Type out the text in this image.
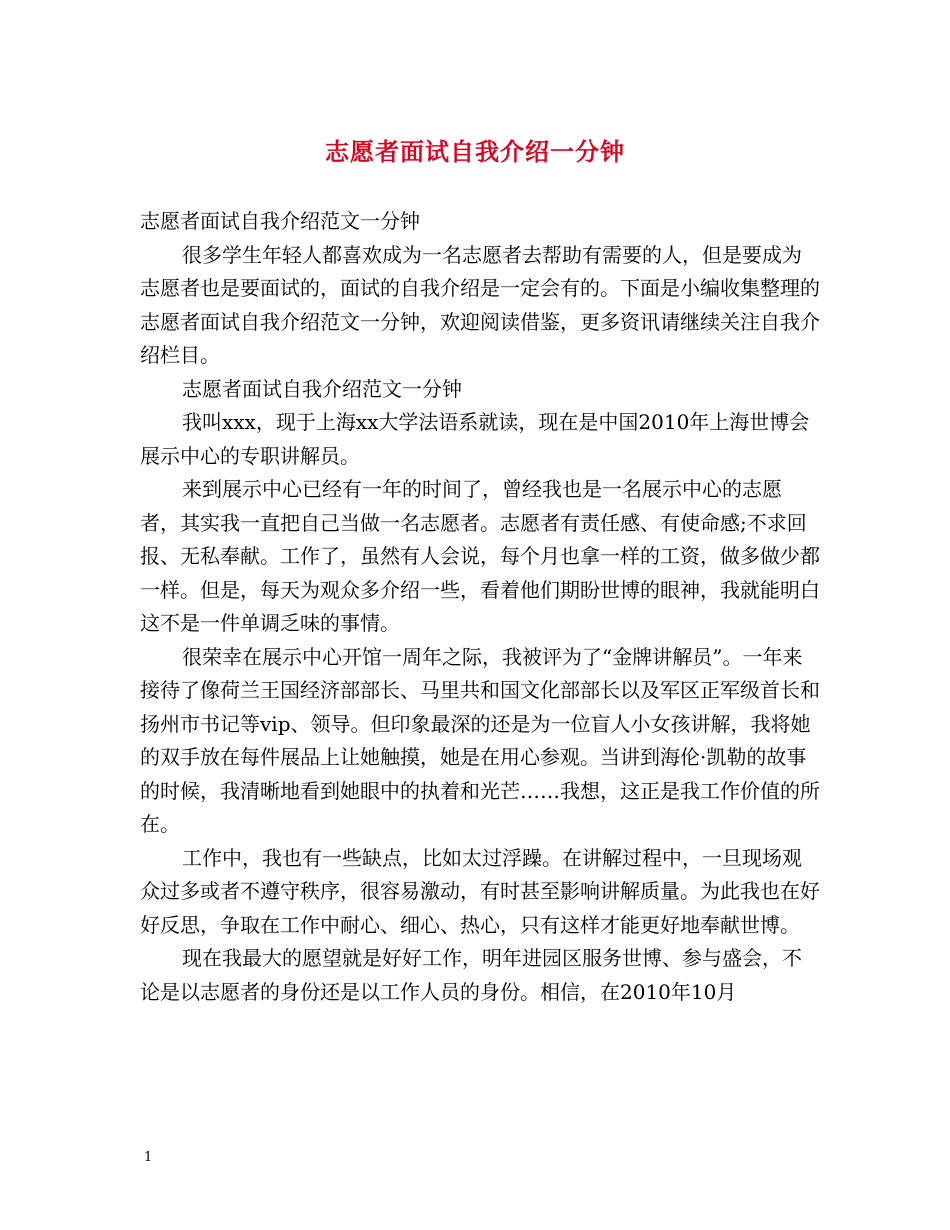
志愿者面试自我介绍一分钟

志愿者面试自我介绍范文一分钟

很多学生年轻人都喜欢成为一名志愿者去帮助有需要的人，但是要成为志愿者也是要面试的，面试的自我介绍是一定会有的。下面是小编收集整理的志愿者面试自我介绍范文一分钟，欢迎阅读借鉴，更多资讯请继续关注自我介绍栏目。

志愿者面试自我介绍范文一分钟

我叫xxx，现于上海xx大学法语系就读，现在是中国2010年上海世博会展示中心的专职讲解员。

来到展示中心已经有一年的时间了，曾经我也是一名展示中心的志愿者，其实我一直把自己当做一名志愿者。志愿者有责任感、有使命感;不求回报、无私奉献。工作了，虽然有人会说，每个月也拿一样的工资，做多做少都一样。但是，每天为观众多介绍一些，看着他们期盼世博的眼神，我就能明白这不是一件单调乏味的事情。

很荣幸在展示中心开馆一周年之际，我被评为了“金牌讲解员”。一年来接待了像荷兰王国经济部部长、马里共和国文化部部长以及军区正军级首长和扬州市书记等vip、领导。但印象最深的还是为一位盲人小女孩讲解，我将她的双手放在每件展品上让她触摸，她是在用心参观。当讲到海伦·凯勒的故事的时候，我清晰地看到她眼中的执着和光芒……我想，这正是我工作价值的所在。

工作中，我也有一些缺点，比如太过浮躁。在讲解过程中，一旦现场观众过多或者不遵守秩序，很容易激动，有时甚至影响讲解质量。为此我也在好好反思，争取在工作中耐心、细心、热心，只有这样才能更好地奉献世博。

现在我最大的愿望就是好好工作，明年进园区服务世博、参与盛会，不论是以志愿者的身份还是以工作人员的身份。相信，在2010年10月

1
